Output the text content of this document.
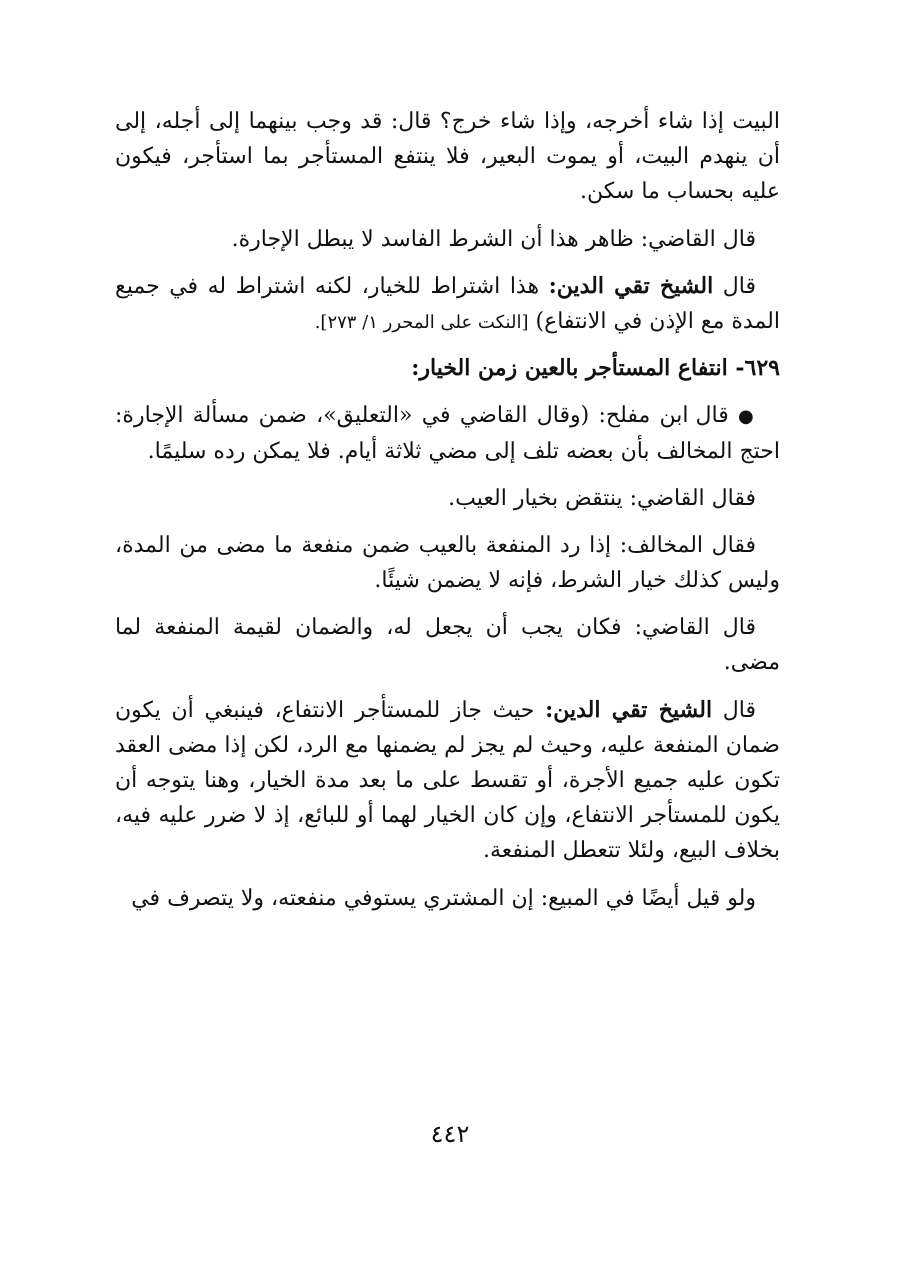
البيت إذا شاء أخرجه، وإذا شاء خرج؟ قال: قد وجب بينهما إلى أجله، إلى أن ينهدم البيت، أو يموت البعير، فلا ينتفع المستأجر بما استأجر، فيكون عليه بحساب ما سكن.

قال القاضي: ظاهر هذا أن الشرط الفاسد لا يبطل الإجارة.

قال الشيخ تقي الدين: هذا اشتراط للخيار، لكنه اشتراط له في جميع المدة مع الإذن في الانتفاع) [النكت على المحرر ١/ ٢٧٣].

٦٢٩- انتفاع المستأجر بالعين زمن الخيار:

● قال ابن مفلح: (وقال القاضي في «التعليق»، ضمن مسألة الإجارة: احتج المخالف بأن بعضه تلف إلى مضي ثلاثة أيام. فلا يمكن رده سليمًا.

فقال القاضي: ينتقض بخيار العيب.

فقال المخالف: إذا رد المنفعة بالعيب ضمن منفعة ما مضى من المدة، وليس كذلك خيار الشرط، فإنه لا يضمن شيئًا.

قال القاضي: فكان يجب أن يجعل له، والضمان لقيمة المنفعة لما مضى.

قال الشيخ تقي الدين: حيث جاز للمستأجر الانتفاع، فينبغي أن يكون ضمان المنفعة عليه، وحيث لم يجز لم يضمنها مع الرد، لكن إذا مضى العقد تكون عليه جميع الأجرة، أو تقسط على ما بعد مدة الخيار، وهنا يتوجه أن يكون للمستأجر الانتفاع، وإن كان الخيار لهما أو للبائع، إذ لا ضرر عليه فيه، بخلاف البيع، ولئلا تتعطل المنفعة.

ولو قيل أيضًا في المبيع: إن المشتري يستوفي منفعته، ولا يتصرف في

٤٤٢
